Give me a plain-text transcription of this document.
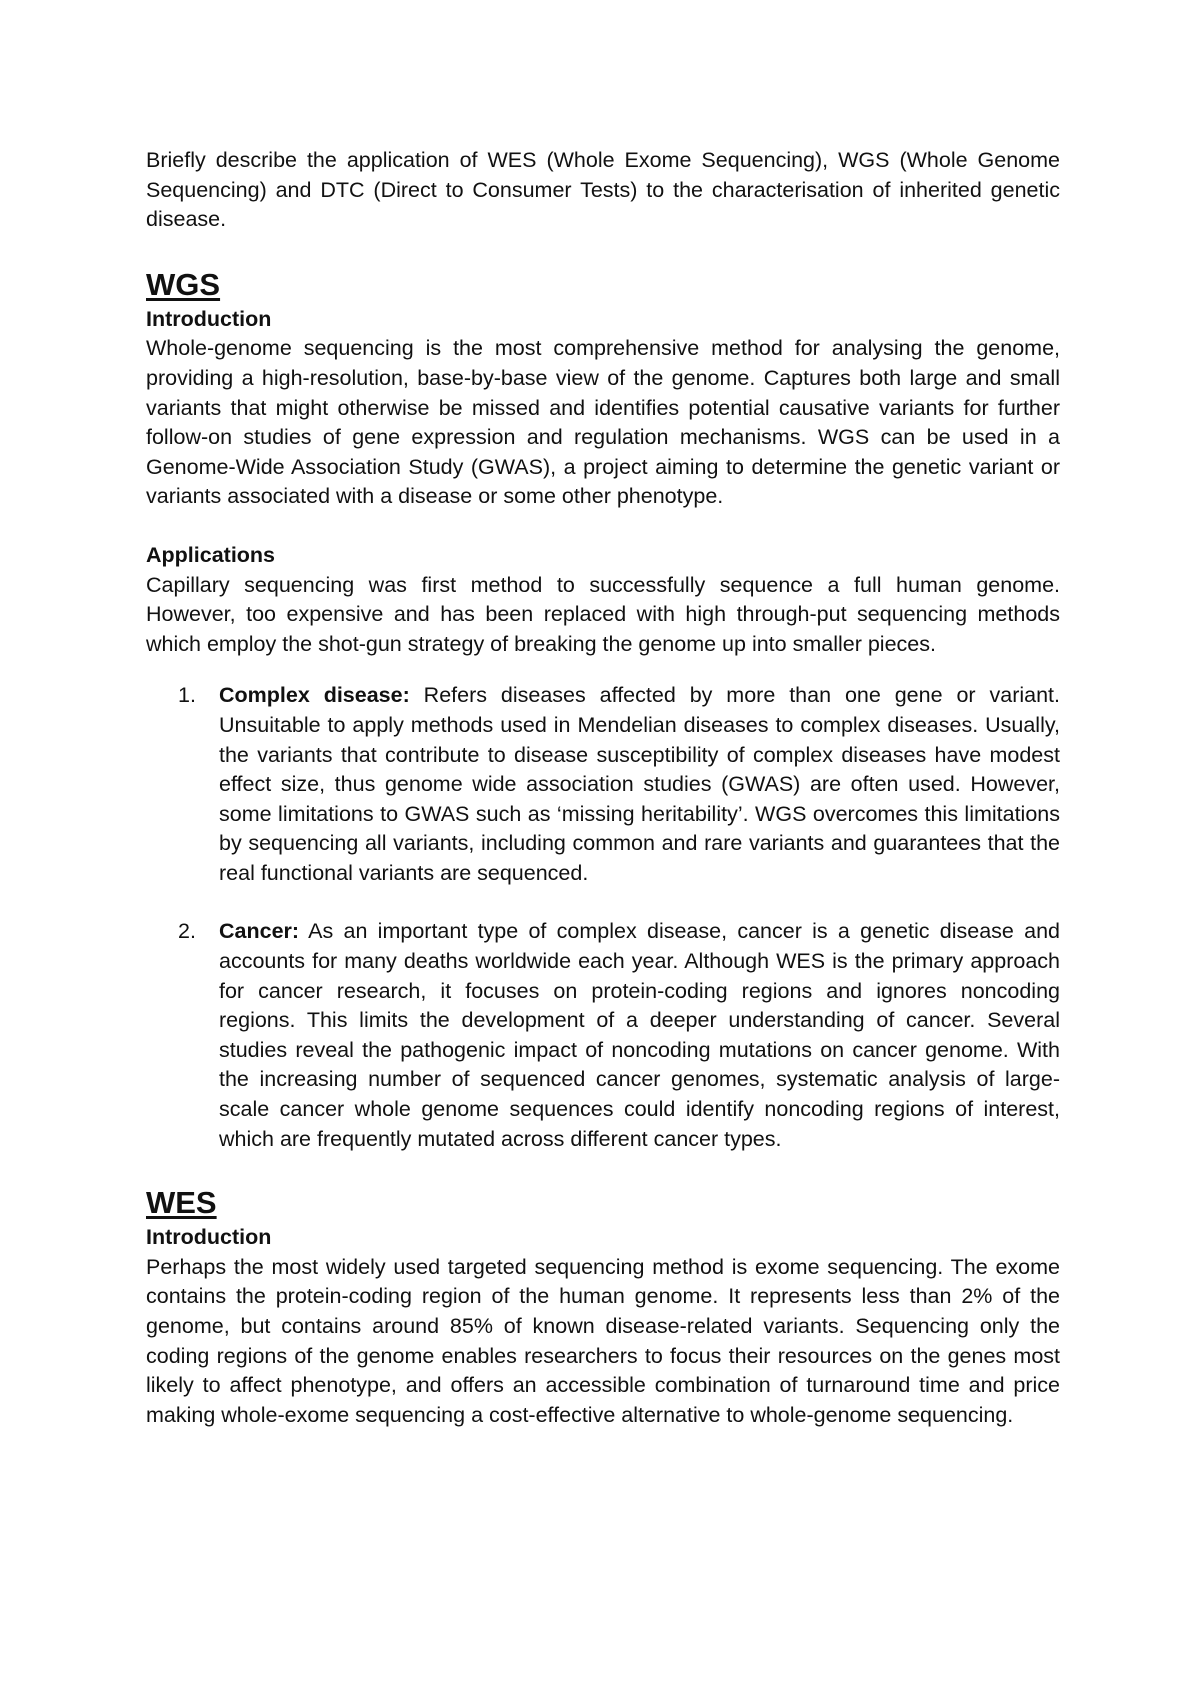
Briefly describe the application of WES (Whole Exome Sequencing), WGS (Whole Genome Sequencing) and DTC (Direct to Consumer Tests) to the characterisation of inherited genetic disease.

WGS

Introduction

Whole-genome sequencing is the most comprehensive method for analysing the genome, providing a high-resolution, base-by-base view of the genome. Captures both large and small variants that might otherwise be missed and identifies potential causative variants for further follow-on studies of gene expression and regulation mechanisms. WGS can be used in a Genome-Wide Association Study (GWAS), a project aiming to determine the genetic variant or variants associated with a disease or some other phenotype.

Applications

Capillary sequencing was first method to successfully sequence a full human genome. However, too expensive and has been replaced with high through-put sequencing methods which employ the shot-gun strategy of breaking the genome up into smaller pieces.

1. Complex disease: Refers diseases affected by more than one gene or variant. Unsuitable to apply methods used in Mendelian diseases to complex diseases. Usually, the variants that contribute to disease susceptibility of complex diseases have modest effect size, thus genome wide association studies (GWAS) are often used. However, some limitations to GWAS such as ‘missing heritability’. WGS overcomes this limitations by sequencing all variants, including common and rare variants and guarantees that the real functional variants are sequenced.
2. Cancer: As an important type of complex disease, cancer is a genetic disease and accounts for many deaths worldwide each year. Although WES is the primary approach for cancer research, it focuses on protein-coding regions and ignores noncoding regions. This limits the development of a deeper understanding of cancer. Several studies reveal the pathogenic impact of noncoding mutations on cancer genome. With the increasing number of sequenced cancer genomes, systematic analysis of large-scale cancer whole genome sequences could identify noncoding regions of interest, which are frequently mutated across different cancer types.
WES

Introduction

Perhaps the most widely used targeted sequencing method is exome sequencing. The exome contains the protein-coding region of the human genome. It represents less than 2% of the genome, but contains around 85% of known disease-related variants. Sequencing only the coding regions of the genome enables researchers to focus their resources on the genes most likely to affect phenotype, and offers an accessible combination of turnaround time and price making whole-exome sequencing a cost-effective alternative to whole-genome sequencing.
